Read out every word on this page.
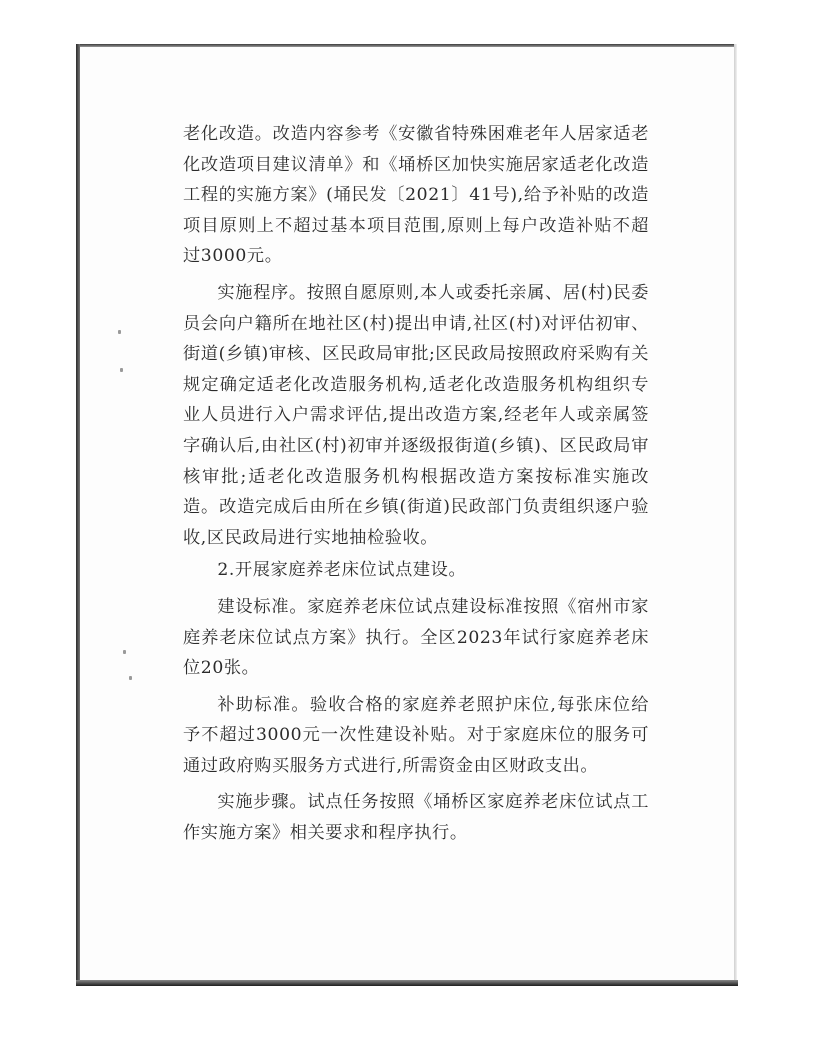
老化改造。改造内容参考《安徽省特殊困难老年人居家适老化改造项目建议清单》和《埇桥区加快实施居家适老化改造工程的实施方案》(埇民发〔2021〕41号),给予补贴的改造项目原则上不超过基本项目范围,原则上每户改造补贴不超过3000元。

实施程序。按照自愿原则,本人或委托亲属、居(村)民委员会向户籍所在地社区(村)提出申请,社区(村)对评估初审、街道(乡镇)审核、区民政局审批;区民政局按照政府采购有关规定确定适老化改造服务机构,适老化改造服务机构组织专业人员进行入户需求评估,提出改造方案,经老年人或亲属签字确认后,由社区(村)初审并逐级报街道(乡镇)、区民政局审核审批;适老化改造服务机构根据改造方案按标准实施改造。改造完成后由所在乡镇(街道)民政部门负责组织逐户验收,区民政局进行实地抽检验收。

2.开展家庭养老床位试点建设。

建设标准。家庭养老床位试点建设标准按照《宿州市家庭养老床位试点方案》执行。全区2023年试行家庭养老床位20张。

补助标准。验收合格的家庭养老照护床位,每张床位给予不超过3000元一次性建设补贴。对于家庭床位的服务可通过政府购买服务方式进行,所需资金由区财政支出。

实施步骤。试点任务按照《埇桥区家庭养老床位试点工作实施方案》相关要求和程序执行。
